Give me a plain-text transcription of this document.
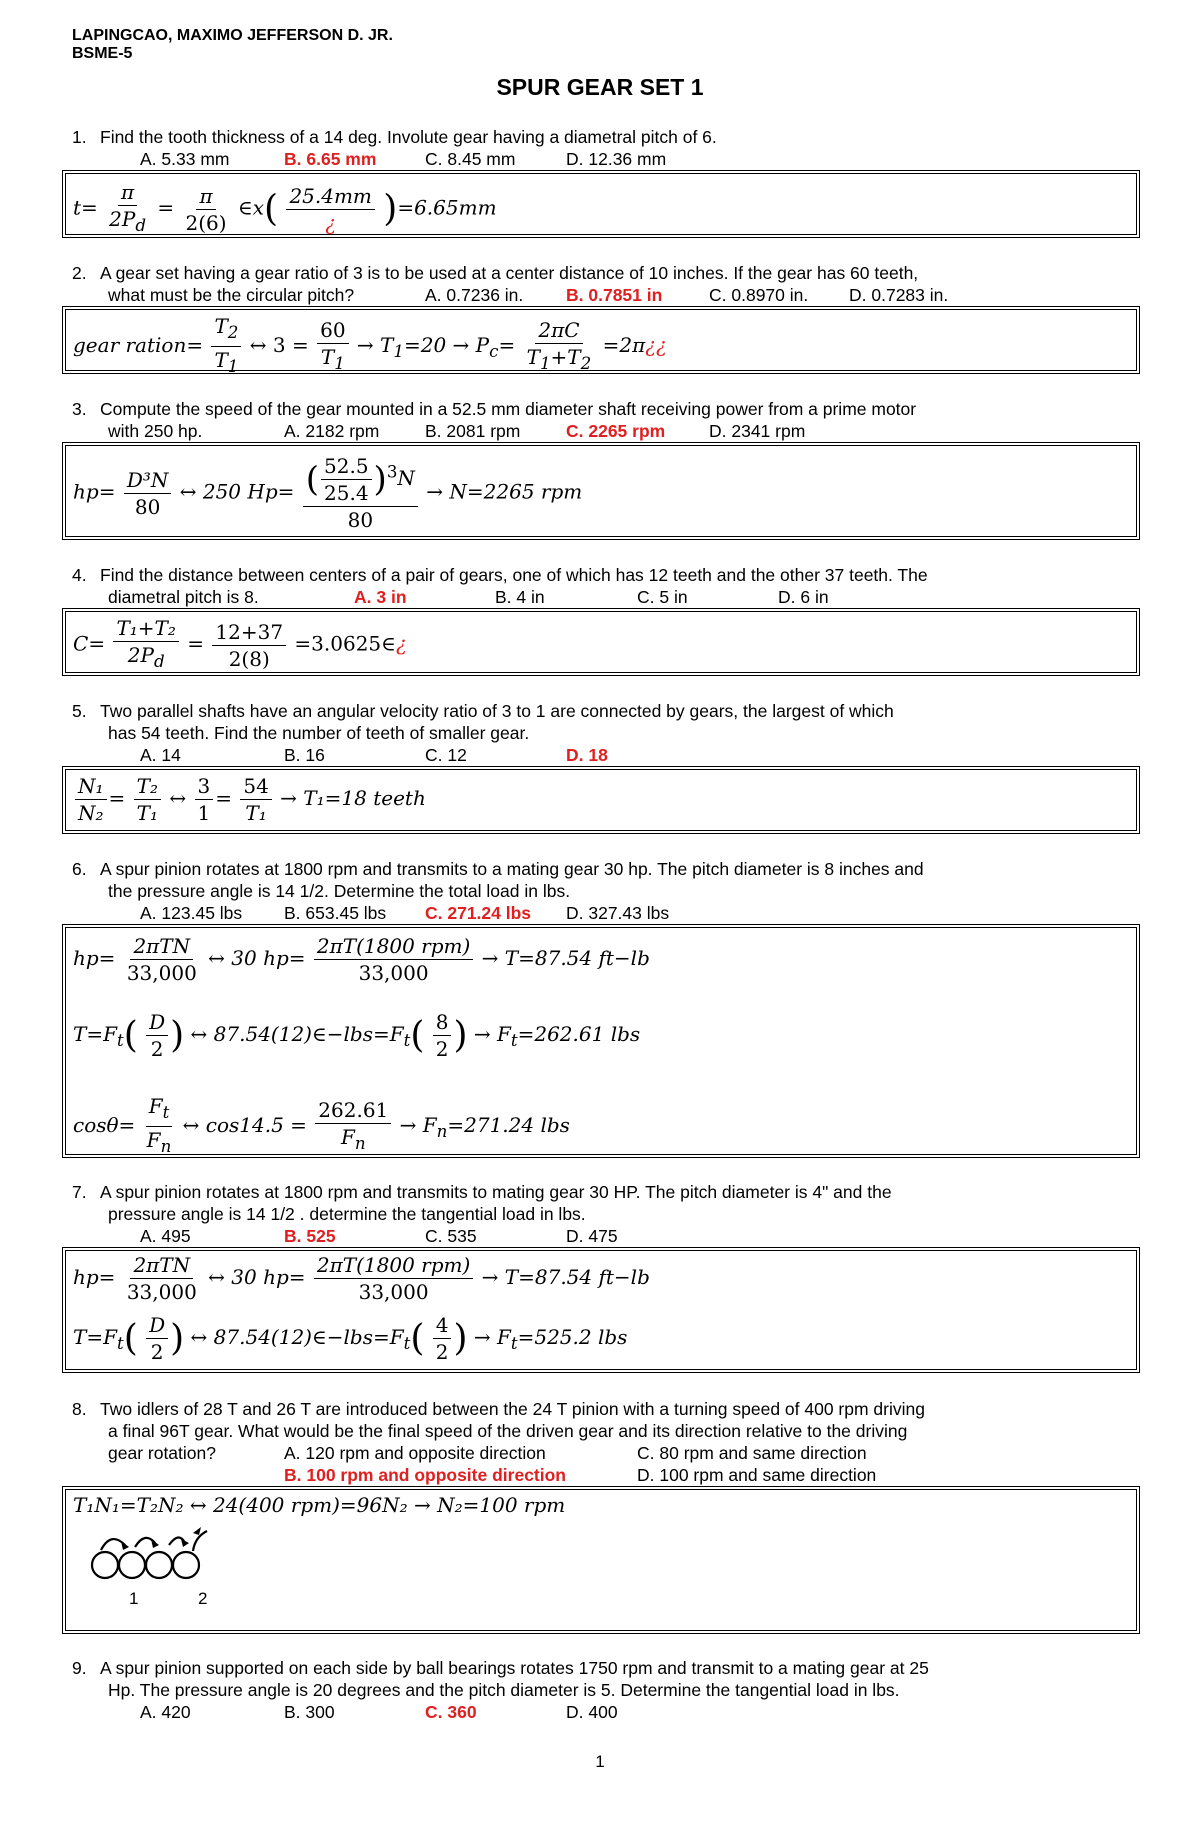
LAPINGCAO, MAXIMO JEFFERSON D. JR.
BSME-5
SPUR GEAR SET 1
1. Find the tooth thickness of a 14 deg. Involute gear having a diametral pitch of 6.
A. 5.33 mm	B. 6.65 mm	C. 8.45 mm	D. 12.36 mm
$t= \frac{\pi}{2P_d} = \frac{\pi}{2(6)}$ ∈x( $\frac{25.4mm}{¿} )=6.65mm$
2. A gear set having a gear ratio of 3 is to be used at a center distance of 10 inches. If the gear has 60 teeth,
what must be the circular pitch?	A. 0.7236 in. B. 0.7851 in	C. 0.8970 in. D. 0.7283 in.
gear ration= $\frac{T_2}{T_1}$ ↔ $3 = \frac{60}{T_1} \to T_1=20 \to P_c= \frac{2\pi C}{T_1+T_2}$ =2π¿¿
3. Compute the speed of the gear mounted in a 52.5 mm diameter shaft receiving power from a prime motor
with 250 hp.	A. 2182 rpm	B. 2081 rpm	C. 2265 rpm	D. 2341 rpm
$hp= \frac{\text{D³N}}{80}$ ↔ 250 $Hp= \frac{( \frac{52.5}{25.4} )^3N}{80} \to N=2265$ rpm
4. Find the distance between centers of a pair of gears, one of which has 12 teeth and the other 37 teeth. The
diametral pitch is 8.	A. 3 in	B. 4 in	C. 5 in	D. 6 in
$C= \frac{\text{T₁+T₂}}{2P_d} = \frac{12+37}{2(8)}$ =3.0625∈¿
5. Two parallel shafts have an angular velocity ratio of 3 to 1 are connected by gears, the largest of which
has 54 teeth. Find the number of teeth of smaller gear.
A. 14	B. 16	C. 12	D. 18
$\frac{\text{N₁}}{\text{N₂}} = \frac{\text{T₂}}{\text{T₁}}$ ↔ $\frac{3}{1} = \frac{54}{\text{T₁}} \to T_1=18$ teeth
6. A spur pinion rotates at 1800 rpm and transmits to a mating gear 30 hp. The pitch diameter is 8 inches and
the pressure angle is 14 1/2. Determine the total load in lbs.
A. 123.45 lbs B. 653.45 lbs C. 271.24 lbs D. 327.43 lbs
$hp= \frac{\text{2πTN}}{33,000}$ ↔ 30 $hp= \frac{\text{2πT(1800 rpm)}}{33,000} \to T=87.54$ ft−lb
$T=F_t( \frac{D}{2}$ ) ↔ $87.54(12)\in-lbs=F_t( \frac{8}{2}$ ) → $F_t=262.61$ lbs
$\cos\theta= \frac{F_t}{F_n}$ ↔ $\cos 14.5 = \frac{262.61}{F_n} \to F_n=271.24$ lbs
7. A spur pinion rotates at 1800 rpm and transmits to mating gear 30 HP. The pitch diameter is 4" and the
pressure angle is 14 1/2 . determine the tangential load in lbs.
A. 495	B. 525	C. 535	D. 475
$hp= \frac{\text{2πTN}}{33,000}$ ↔ 30 $hp= \frac{\text{2πT(1800 rpm)}}{33,000} \to T=87.54$ ft−lb
$T=F_t( \frac{D}{2}$ ) ↔ $87.54(12)\in-lbs=F_t( \frac{4}{2}$ ) → $F_t=525.2$ lbs
8. Two idlers of 28 T and 26 T are introduced between the 24 T pinion with a turning speed of 400 rpm driving
a final 96T gear. What would be the final speed of the driven gear and its direction relative to the driving
gear rotation?	A. 120 rpm and opposite direction	C. 80 rpm and same direction
B. 100 rpm and opposite direction	D. 100 rpm and same direction
T₁N₁=T₂N₂ ↔ 24(400 rpm)=96N₂ → N₂=100 rpm
1	2
9. A spur pinion supported on each side by ball bearings rotates 1750 rpm and transmit to a mating gear at 25
Hp. The pressure angle is 20 degrees and the pitch diameter is 5. Determine the tangential load in lbs.
A. 420	B. 300	C. 360	D. 400
1
